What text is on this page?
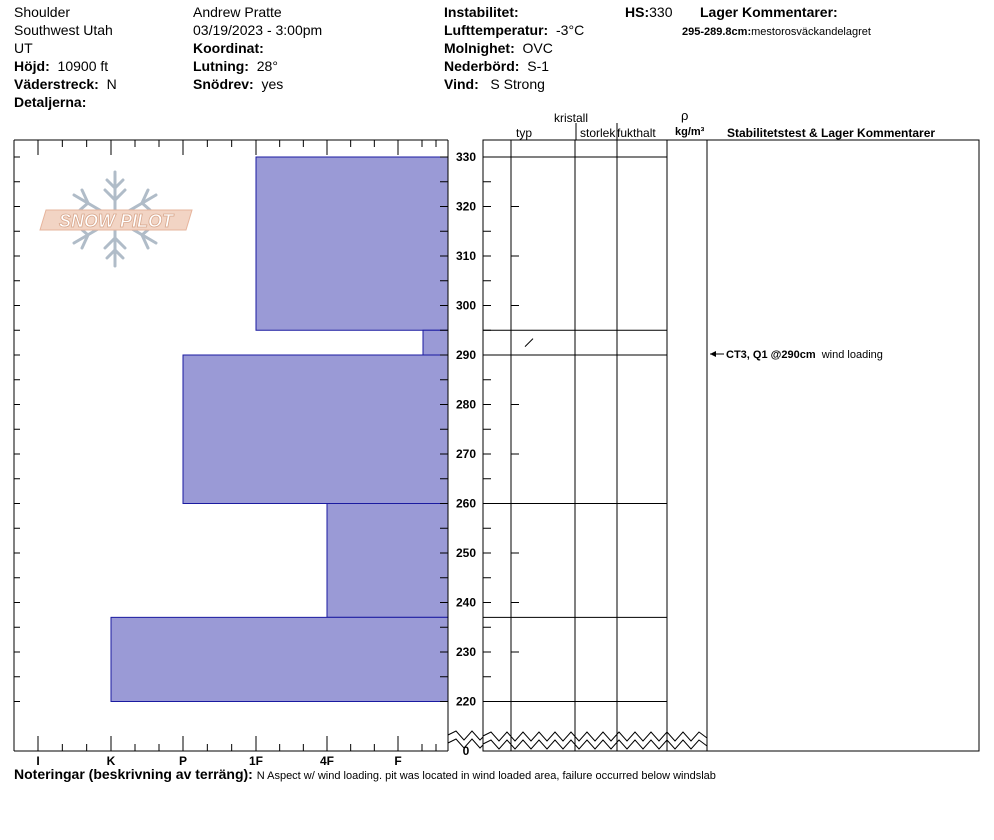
Shoulder
Southwest Utah
UT
Höjd: 10900 ft
Väderstreck: N
Detaljerna:
Andrew Pratte
03/19/2023 - 3:00pm
Koordinat:
Lutning: 28°
Snödrev: yes
Instabilitet:
Lufttemperatur: -3°C
Molnighet: OVC
Nederbörd: S-1
Vind: S Strong
HS:330 Lager Kommentarer:
295-289.8cm:mestorosväckandelagret
kristall
typ	storlek fukthalt
ρ
kg/m³ Stabilitetstest & Lager Kommentarer
CT3, Q1 @290cm wind loading
Noteringar (beskrivning av terräng): N Aspect w/ wind loading. pit was located in wind loaded area, failure occurred below windslab
SNOW PILOT
I	K	P	1F	4F	F
330
320
310
300
290
280
270
260
250
240
230
220
0
